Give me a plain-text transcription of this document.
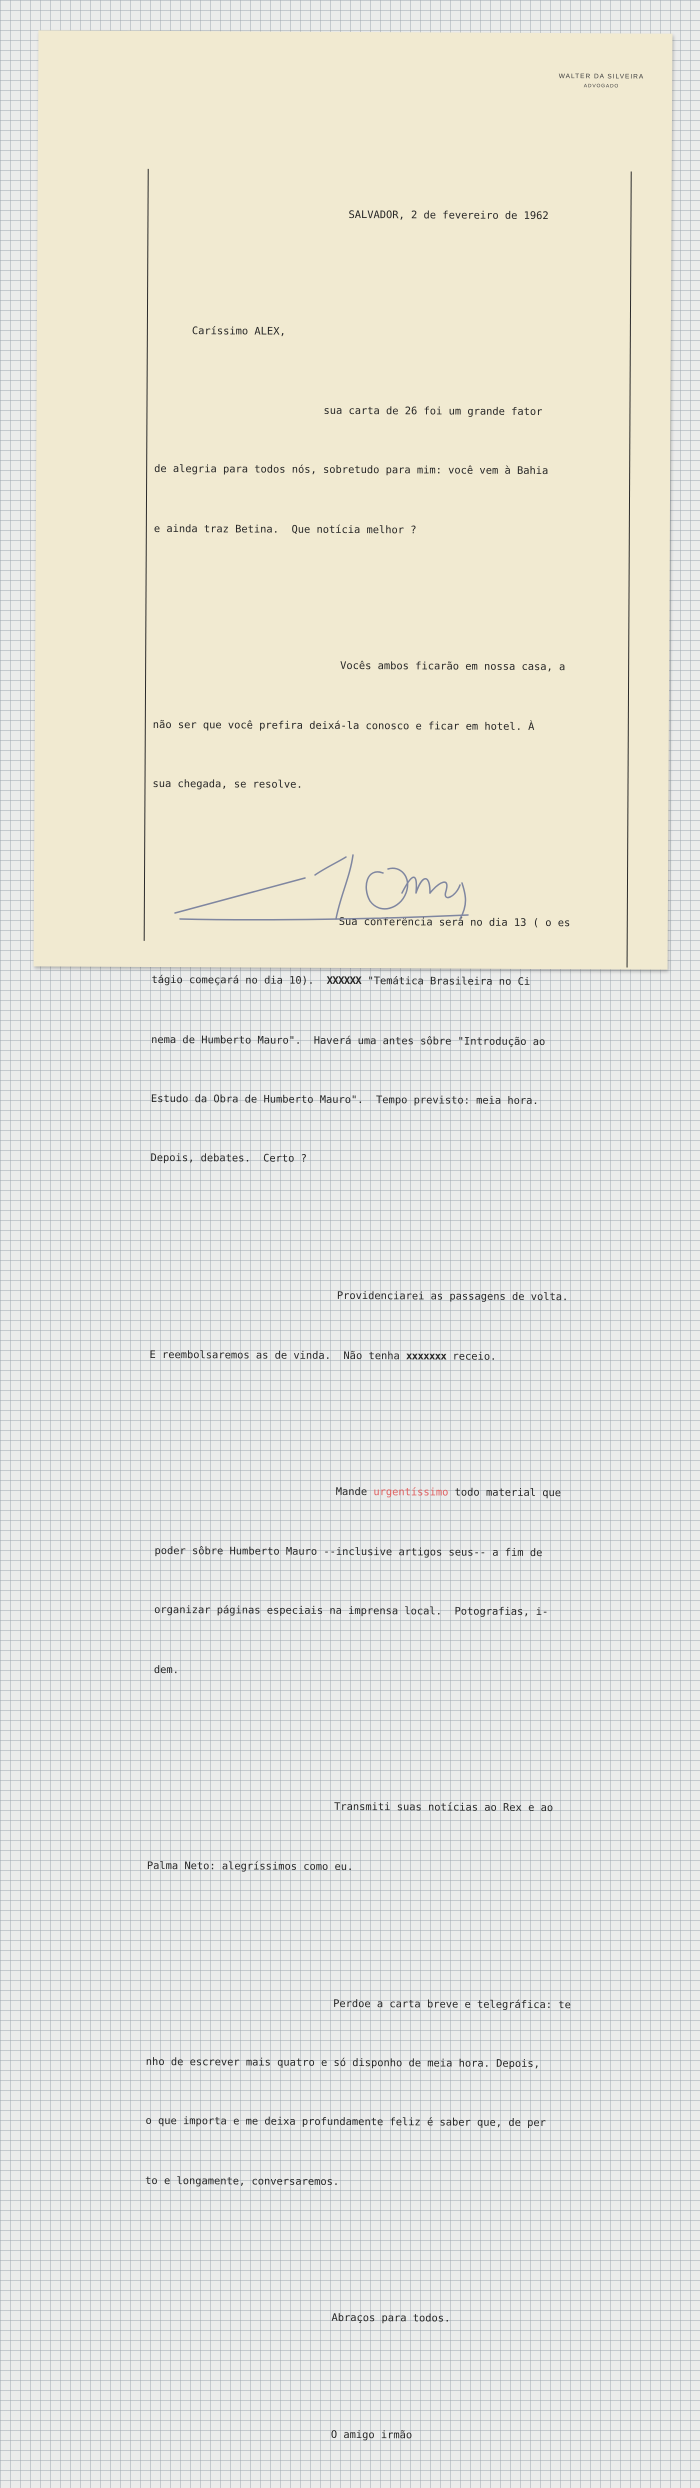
WALTER DA SILVEIRA
ADVOGADO

SALVADOR, 2 de fevereiro de 1962

Caríssimo ALEX,

sua carta de 26 foi um grande fator

de alegria para todos nós, sobretudo para mim: você vem à Bahia

e ainda traz Betina.  Que notícia melhor ?

Vocês ambos ficarão em nossa casa, a

não ser que você prefira deixá-la conosco e ficar em hotel. À

sua chegada, se resolve.

Sua conferência será no dia 13 ( o es

tágio começará no dia 10).  XXXXXX "Temática Brasileira no Ci

nema de Humberto Mauro".  Haverá uma antes sôbre "Introdução ao

Estudo da Obra de Humberto Mauro".  Tempo previsto: meia hora.

Depois, debates.  Certo ?

Providenciarei as passagens de volta.

E reembolsaremos as de vinda.  Não tenha xxxxxxx receio.

Mande urgentíssimo todo material que

poder sôbre Humberto Mauro --inclusive artigos seus-- a fim de

organizar páginas especiais na imprensa local.  Potografias, i-

dem.

Transmiti suas notícias ao Rex e ao

Palma Neto: alegríssimos como eu.

Perdoe a carta breve e telegráfica: te

nho de escrever mais quatro e só disponho de meia hora. Depois,

o que importa e me deixa profundamente feliz é saber que, de per

to e longamente, conversaremos.

Abraços para todos.

O amigo irmão
